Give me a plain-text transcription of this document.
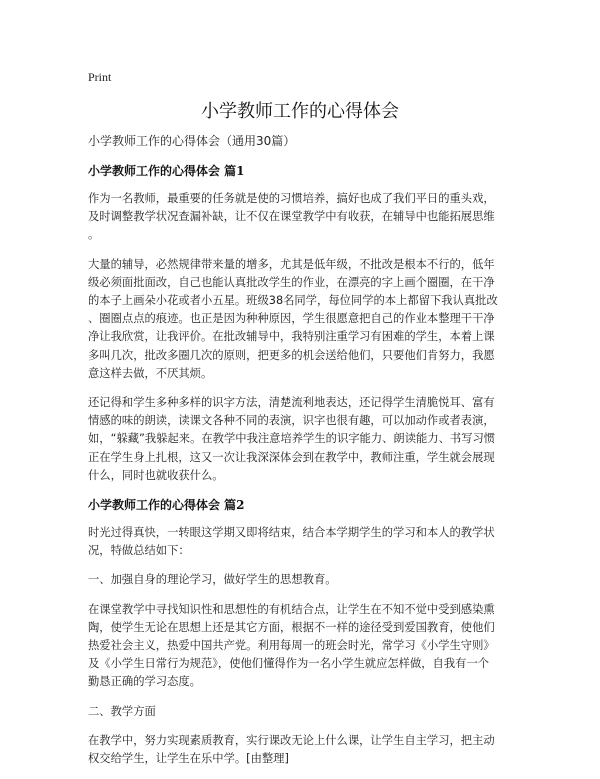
Print
小学教师工作的心得体会

小学教师工作的心得体会（通用30篇）

小学教师工作的心得体会 篇1

作为一名教师，最重要的任务就是使的习惯培养，搞好也成了我们平日的重头戏，
及时调整教学状况查漏补缺，让不仅在课堂教学中有收获，在辅导中也能拓展思维
。

大量的辅导，必然规律带来量的增多，尤其是低年级，不批改是根本不行的，低年
级必须面批面改，自己也能认真批改学生的作业，在漂亮的字上画个圈圈，在干净
的本子上画朵小花或者小五星。班级38名同学，每位同学的本上都留下我认真批改
、圈圈点点的痕迹。也正是因为种种原因，学生很愿意把自己的作业本整理干干净
净让我欣赏，让我评价。在批改辅导中，我特别注重学习有困难的学生，本着上课
多叫几次，批改多圈几次的原则，把更多的机会送给他们，只要他们肯努力，我愿
意这样去做，不厌其烦。

还记得和学生多种多样的识字方法，清楚流利地表达，还记得学生清脆悦耳、富有
情感的味的朗读，读课文各种不同的表演，识字也很有趣，可以加动作或者表演，
如，“躲藏”我躲起来。在教学中我注意培养学生的识字能力、朗读能力、书写习惯
正在学生身上扎根，这又一次让我深深体会到在教学中，教师注重，学生就会展现
什么，同时也就收获什么。

小学教师工作的心得体会 篇2

时光过得真快，一转眼这学期又即将结束，结合本学期学生的学习和本人的教学状
况，特做总结如下：

一、加强自身的理论学习，做好学生的思想教育。

在课堂教学中寻找知识性和思想性的有机结合点，让学生在不知不觉中受到感染熏
陶，使学生无论在思想上还是其它方面，根据不一样的途径受到爱国教育，使他们
热爱社会主义，热爱中国共产党。利用每周一的班会时光，常学习《小学生守则》
及《小学生日常行为规范》，使他们懂得作为一名小学生就应怎样做，自我有一个
勤恳正确的学习态度。

二、教学方面

在教学中，努力实现素质教育，实行课改无论上什么课，让学生自主学习，把主动
权交给学生，让学生在乐中学。[由整理]
